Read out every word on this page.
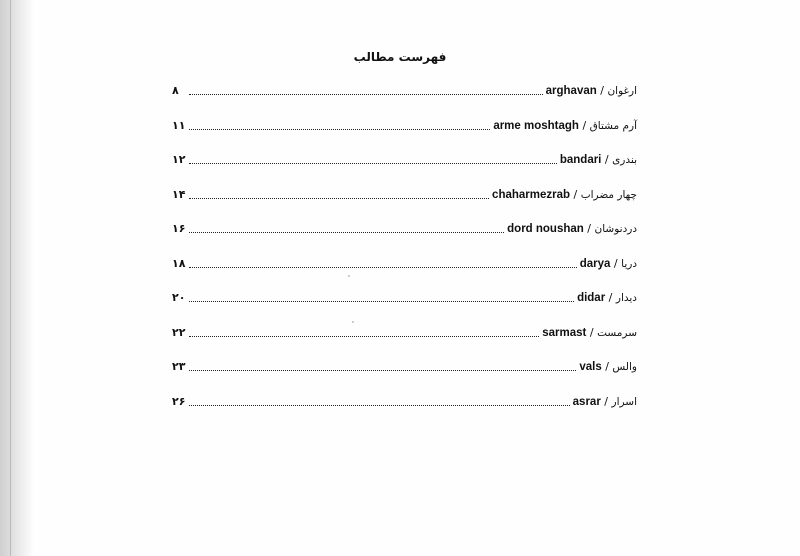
فهرست مطالب
ارغوان / arghavan
۸
آرم مشتاق / arme moshtagh
۱۱
بندری / bandari
۱۲
چهار مضراب / chaharmezrab
۱۴
دردنوشان / dord noushan
۱۶
دریا / darya
۱۸
دیدار / didar
۲۰
سرمست / sarmast
۲۲
والس / vals
۲۳
اسرار / asrar
۲۶
